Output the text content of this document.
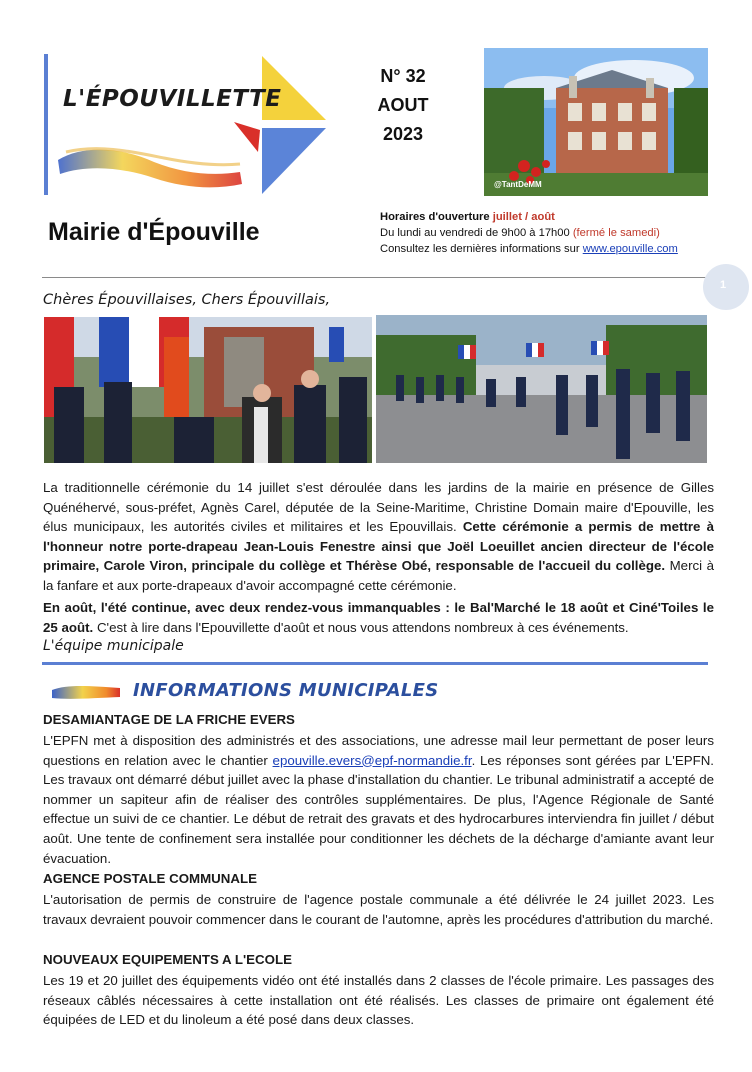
L'ÉPOUVILLETTE
N° 32
AOUT
2023
@TantDeMM
Mairie d'Épouville
Horaires d'ouverture juillet / août
Du lundi au vendredi de 9h00 à 17h00 (fermé le samedi)
Consultez les dernières informations sur www.epouville.com
1
Chères Épouvillaises, Chers Épouvillais,
La traditionnelle cérémonie du 14 juillet s'est déroulée dans les jardins de la mairie en présence de Gilles Quénéhervé, sous-préfet, Agnès Carel, députée de la Seine-Maritime, Christine Domain maire d'Epouville, les élus municipaux, les autorités civiles et militaires et les Epouvillais. Cette cérémonie a permis de mettre à l'honneur notre porte-drapeau Jean-Louis Fenestre ainsi que Joël Loeuillet ancien directeur de l'école primaire, Carole Viron, principale du collège et Thérèse Obé, responsable de l'accueil du collège. Merci à la fanfare et aux porte-drapeaux d'avoir accompagné cette cérémonie.
En août, l'été continue, avec deux rendez-vous immanquables : le Bal'Marché le 18 août et Ciné'Toiles le 25 août. C'est à lire dans l'Epouvillette d'août et nous vous attendons nombreux à ces événements.
L'équipe municipale
INFORMATIONS MUNICIPALES
DESAMIANTAGE DE LA FRICHE EVERS
L'EPFN met à disposition des administrés et des associations, une adresse mail leur permettant de poser leurs questions en relation avec le chantier epouville.evers@epf-normandie.fr. Les réponses sont gérées par L'EPFN. Les travaux ont démarré début juillet avec la phase d'installation du chantier. Le tribunal administratif a accepté de nommer un sapiteur afin de réaliser des contrôles supplémentaires. De plus, l'Agence Régionale de Santé effectue un suivi de ce chantier. Le début de retrait des gravats et des hydrocarbures interviendra fin juillet / début août. Une tente de confinement sera installée pour conditionner les déchets de la décharge d'amiante avant leur évacuation.
AGENCE POSTALE COMMUNALE
L'autorisation de permis de construire de l'agence postale communale a été délivrée le 24 juillet 2023. Les travaux devraient pouvoir commencer dans le courant de l'automne, après les procédures d'attribution du marché.
NOUVEAUX EQUIPEMENTS A L'ECOLE
Les 19 et 20 juillet des équipements vidéo ont été installés dans 2 classes de l'école primaire. Les passages des réseaux câblés nécessaires à cette installation ont été réalisés. Les classes de primaire ont également été équipées de LED et du linoleum a été posé dans deux classes.
